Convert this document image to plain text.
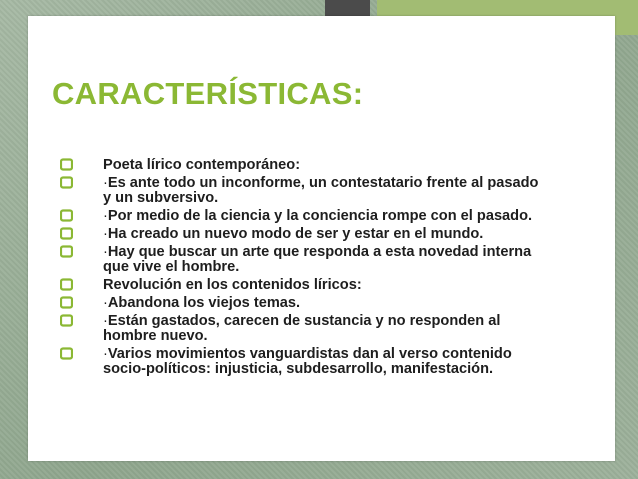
CARACTERÍSTICAS:
Poeta lírico contemporáneo:
·Es ante todo un inconforme, un contestatario frente al pasado y un subversivo.
·Por medio de la ciencia y la conciencia rompe con el pasado.
·Ha creado un nuevo modo de ser y estar en el mundo.
·Hay que buscar un arte que responda a esta novedad interna que vive el hombre.
Revolución en los contenidos líricos:
·Abandona los viejos temas.
·Están gastados, carecen de sustancia y no responden al hombre nuevo.
·Varios movimientos vanguardistas dan al verso contenido socio-políticos: injusticia, subdesarrollo, manifestación.
